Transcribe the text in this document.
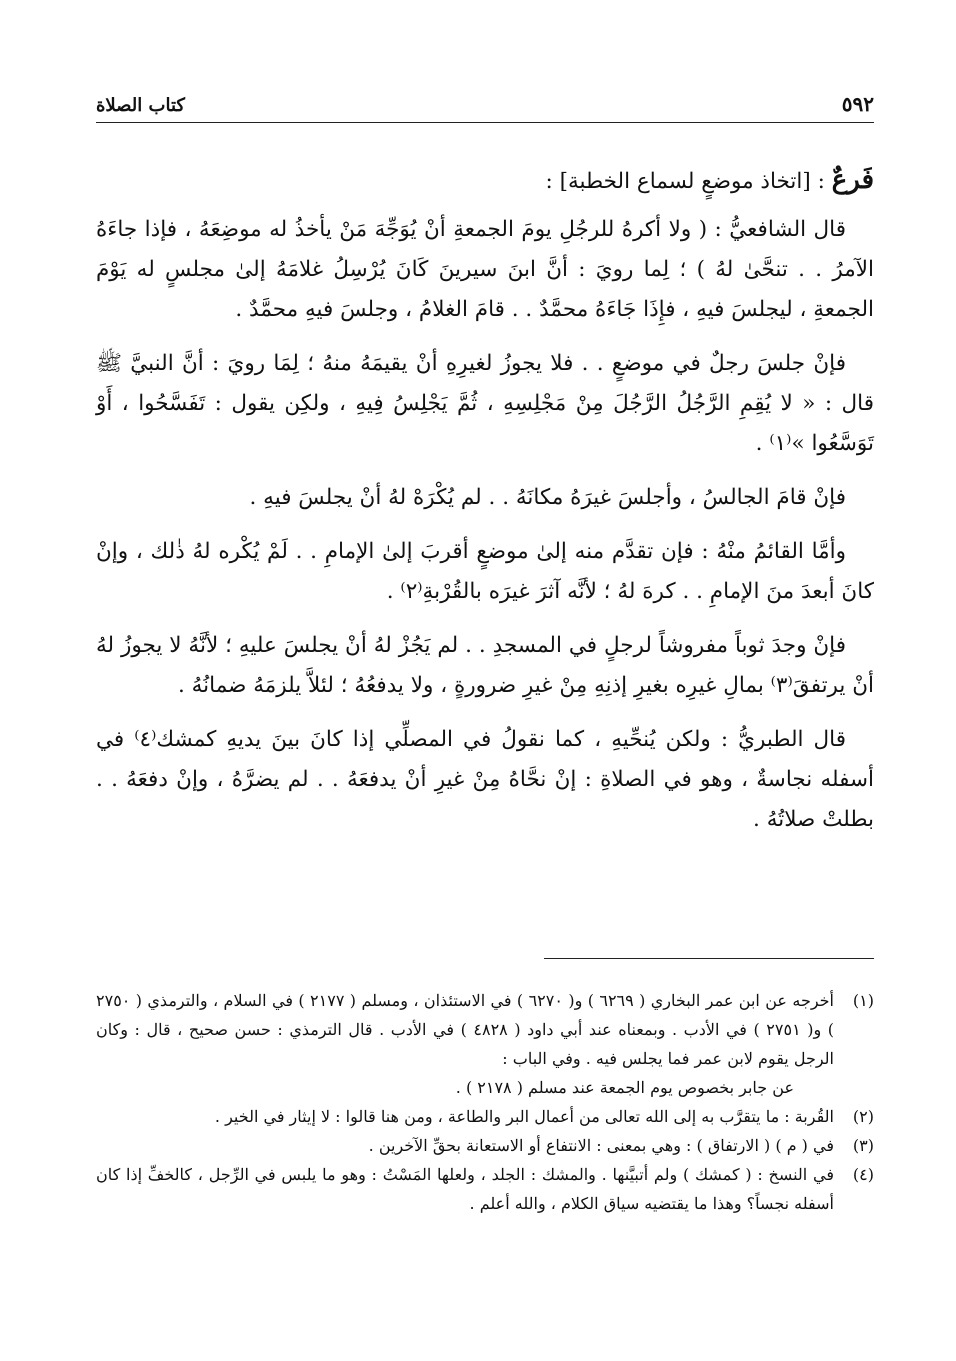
٥٩٢
كتاب الصلاة

فَرعٌ : [اتخاذ موضعٍ لسماع الخطبة] :

قال الشافعيُّ : ( ولا أكرهُ للرجُلِ يومَ الجمعةِ أنْ يُوَجِّهَ مَنْ يأخذُ له موضِعَهُ ، فإذا جاءَهُ الآمرُ . . تنحَّىٰ لهُ ) ؛ لِما رويَ : أنَّ ابنَ سيرينَ كَانَ يُرْسِلُ غلامَهُ إلىٰ مجلسٍ له يَوْمَ الجمعةِ ، ليجلسَ فيهِ ، فإِذَا جَاءَهُ محمَّدٌ . . قامَ الغلامُ ، وجلسَ فيهِ محمَّدٌ .

فإنْ جلسَ رجلٌ في موضعٍ . . فلا يجوزُ لغيرِهِ أنْ يقيمَهُ منهُ ؛ لِمَا رويَ : أنَّ النبيَّ ﷺ قال : « لا يُقِمِ الرَّجُلُ الرَّجُلَ مِنْ مَجْلِسِهِ ، ثُمَّ يَجْلِسُ فِيهِ ، ولكِن يقول : تَفَسَّحُوا ، أَوْ تَوَسَّعُوا »⁽١⁾ .

فإنْ قامَ الجالسُ ، وأجلسَ غيرَهُ مكانَهُ . . لم يُكْرَهْ لهُ أنْ يجلسَ فيهِ .

وأمَّا القائمُ منْهُ : فإن تقدَّم منه إلىٰ موضعٍ أقربَ إلىٰ الإمامِ . . لَمْ يُكْره لهُ ذٰلك ، وإنْ كانَ أبعدَ منَ الإمامِ . . كرهَ لهُ ؛ لأنَّه آثرَ غيرَه بالقُرْبةِ⁽٢⁾ .

فإنْ وجدَ ثوباً مفروشاً لرجلٍ في المسجدِ . . لم يَجُزْ لهُ أنْ يجلسَ عليهِ ؛ لأنَّهُ لا يجوزُ لهُ أنْ يرتفقَ⁽٣⁾ بمالِ غيرِه بغيرِ إذنِهِ مِنْ غيرِ ضرورةٍ ، ولا يدفعُهُ ؛ لئلاَّ يلزمَهُ ضمانُهُ .

قال الطبريُّ : ولكن يُنحِّيهِ ، كما نقولُ في المصلِّي إذا كانَ بينَ يديهِ كمشك⁽٤⁾ في أسفله نجاسةٌ ، وهو في الصلاةِ : إنْ نحَّاهُ مِنْ غيرِ أنْ يدفعَهُ . . لم يضرَّهُ ، وإنْ دفعَهُ . . بطلتْ صلاتُهُ .

(١)
أخرجه عن ابن عمر البخاري ( ٦٢٦٩ ) و( ٦٢٧٠ ) في الاستئذان ، ومسلم ( ٢١٧٧ ) في السلام ، والترمذي ( ٢٧٥٠ ) و( ٢٧٥١ ) في الأدب . وبمعناه عند أبي داود ( ٤٨٢٨ ) في الأدب . قال الترمذي : حسن صحيح ، قال : وكان الرجل يقوم لابن عمر فما يجلس فيه . وفي الباب :
عن جابر بخصوص يوم الجمعة عند مسلم ( ٢١٧٨ ) .
(٢)
القُربة : ما يتقرَّب به إلى الله تعالى من أعمال البر والطاعة ، ومن هنا قالوا : لا إيثار في الخير .
(٣)
في ( م ) ( الارتفاق ) : وهي بمعنى : الانتفاع أو الاستعانة بحقِّ الآخرين .
(٤)
في النسخ : ( كمشك ) ولم أتبيَّنها . والمشك : الجلد ، ولعلها المَسْتُ : وهو ما يلبس في الرِّجل ، كالخفِّ إذا كان أسفله نجساً؟ وهذا ما يقتضيه سياق الكلام ، والله أعلم .
